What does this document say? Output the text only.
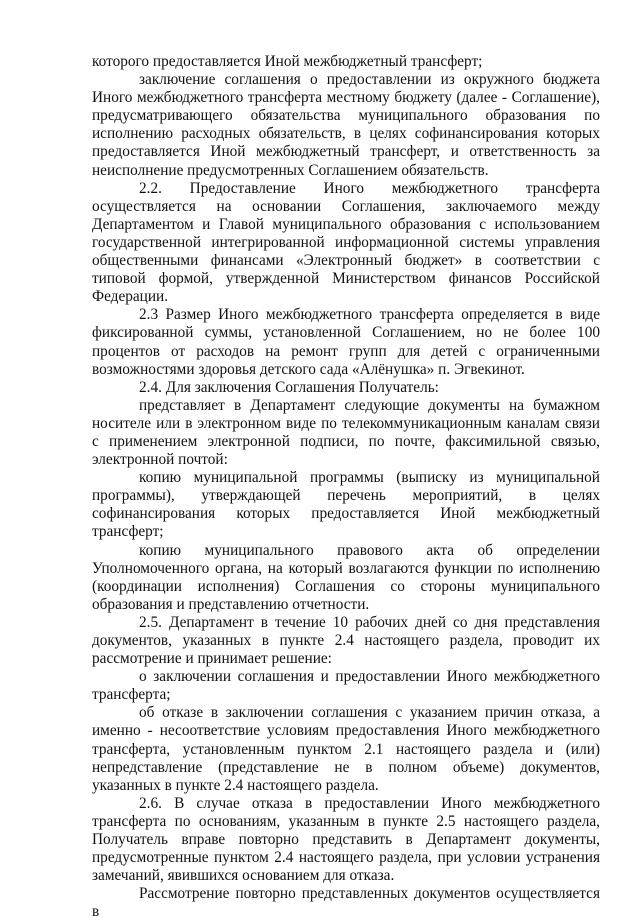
которого предоставляется Иной межбюджетный трансферт;

заключение соглашения о предоставлении из окружного бюджета Иного межбюджетного трансферта местному бюджету (далее - Соглашение), предусматривающего обязательства муниципального образования по исполнению расходных обязательств, в целях софинансирования которых предоставляется Иной межбюджетный трансферт, и ответственность за неисполнение предусмотренных Соглашением обязательств.

2.2. Предоставление Иного межбюджетного трансферта осуществляется на основании Соглашения, заключаемого между Департаментом и Главой муниципального образования с использованием государственной интегрированной информационной системы управления общественными финансами «Электронный бюджет» в соответствии с типовой формой, утвержденной Министерством финансов Российской Федерации.

2.3 Размер Иного межбюджетного трансферта определяется в виде фиксированной суммы, установленной Соглашением, но не более 100 процентов от расходов на ремонт групп для детей с ограниченными возможностями здоровья детского сада «Алёнушка» п. Эгвекинот.

2.4. Для заключения Соглашения Получатель:

представляет в Департамент следующие документы на бумажном носителе или в электронном виде по телекоммуникационным каналам связи с применением электронной подписи, по почте, факсимильной связью, электронной почтой:

копию муниципальной программы (выписку из муниципальной программы), утверждающей перечень мероприятий, в целях софинансирования которых предоставляется Иной межбюджетный трансферт;

копию муниципального правового акта об определении Уполномоченного органа, на который возлагаются функции по исполнению (координации исполнения) Соглашения со стороны муниципального образования и представлению отчетности.

2.5. Департамент в течение 10 рабочих дней со дня представления документов, указанных в пункте 2.4 настоящего раздела, проводит их рассмотрение и принимает решение:

о заключении соглашения и предоставлении Иного межбюджетного трансферта;

об отказе в заключении соглашения с указанием причин отказа, а именно - несоответствие условиям предоставления Иного межбюджетного трансферта, установленным пунктом 2.1 настоящего раздела и (или) непредставление (представление не в полном объеме) документов, указанных в пункте 2.4 настоящего раздела.

2.6. В случае отказа в предоставлении Иного межбюджетного трансферта по основаниям, указанным в пункте 2.5 настоящего раздела, Получатель вправе повторно представить в Департамент документы, предусмотренные пунктом 2.4 настоящего раздела, при условии устранения замечаний, явившихся основанием для отказа.

Рассмотрение повторно представленных документов осуществляется в
